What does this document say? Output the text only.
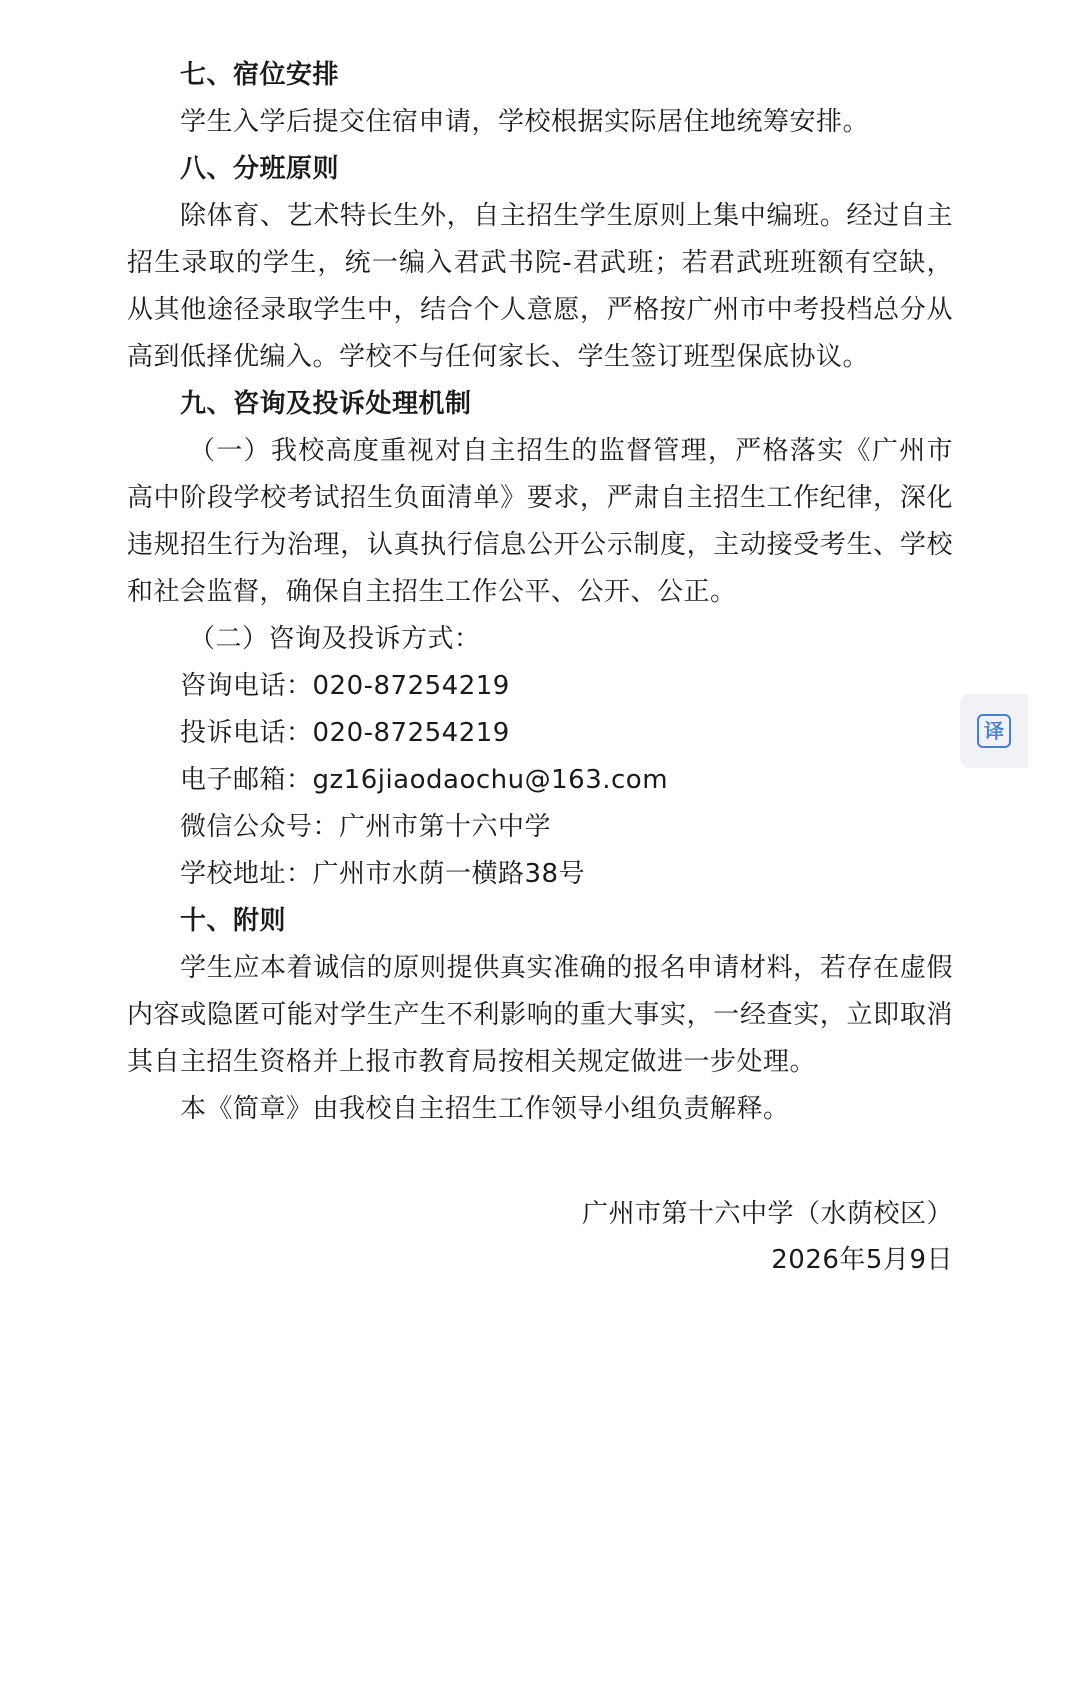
七、宿位安排

学生入学后提交住宿申请，学校根据实际居住地统筹安排。

八、分班原则

除体育、艺术特长生外，自主招生学生原则上集中编班。经过自主招生录取的学生，统一编入君武书院-君武班；若君武班班额有空缺，从其他途径录取学生中，结合个人意愿，严格按广州市中考投档总分从高到低择优编入。学校不与任何家长、学生签订班型保底协议。

九、咨询及投诉处理机制

（一）我校高度重视对自主招生的监督管理，严格落实《广州市高中阶段学校考试招生负面清单》要求，严肃自主招生工作纪律，深化违规招生行为治理，认真执行信息公开公示制度，主动接受考生、学校和社会监督，确保自主招生工作公平、公开、公正。

（二）咨询及投诉方式：

咨询电话：020-87254219

投诉电话：020-87254219

电子邮箱：gz16jiaodaochu@163.com

微信公众号：广州市第十六中学

学校地址：广州市水荫一横路38号

十、附则

学生应本着诚信的原则提供真实准确的报名申请材料，若存在虚假内容或隐匿可能对学生产生不利影响的重大事实，一经查实，立即取消其自主招生资格并上报市教育局按相关规定做进一步处理。

本《简章》由我校自主招生工作领导小组负责解释。

广州市第十六中学（水荫校区）
2026年5月9日
译
